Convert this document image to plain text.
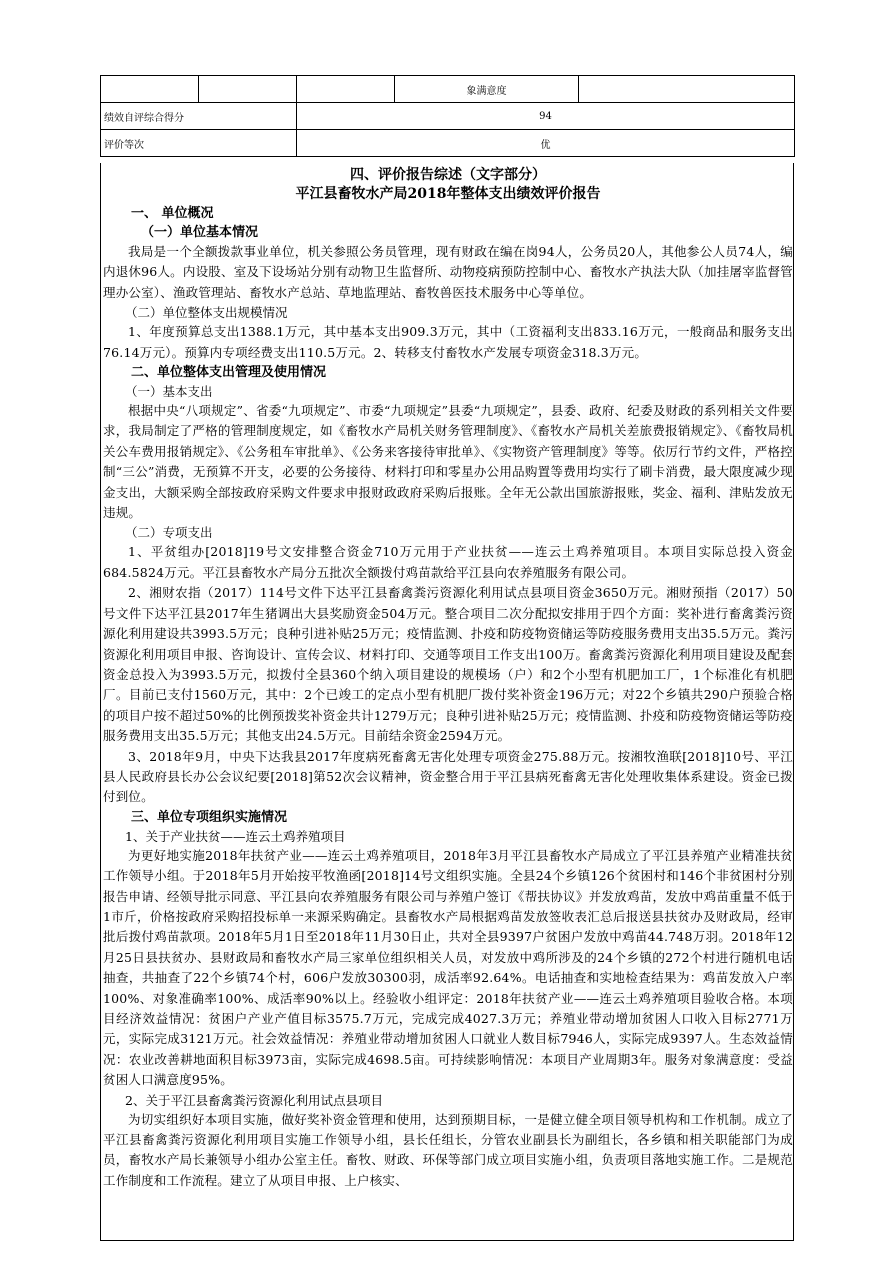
			象满意度	
绩效自评综合得分		94		
评价等次		优		

四、评价报告综述（文字部分）

平江县畜牧水产局2018年整体支出绩效评价报告

一、 单位概况

（一）单位基本情况

我局是一个全额拨款事业单位，机关参照公务员管理，现有财政在编在岗94人，公务员20人，其他参公人员74人，编内退休96人。内设股、室及下设场站分别有动物卫生监督所、动物疫病预防控制中心、畜牧水产执法大队（加挂屠宰监督管理办公室）、渔政管理站、畜牧水产总站、草地监理站、畜牧兽医技术服务中心等单位。

（二）单位整体支出规模情况

1、年度预算总支出1388.1万元，其中基本支出909.3万元，其中（工资福利支出833.16万元，一般商品和服务支出76.14万元）。预算内专项经费支出110.5万元。2、转移支付畜牧水产发展专项资金318.3万元。

二、单位整体支出管理及使用情况

（一）基本支出

根据中央“八项规定”、省委“九项规定”、市委“九项规定”县委“九项规定”，县委、政府、纪委及财政的系列相关文件要求，我局制定了严格的管理制度规定，如《畜牧水产局机关财务管理制度》、《畜牧水产局机关差旅费报销规定》、《畜牧局机关公车费用报销规定》、《公务租车审批单》、《公务来客接待审批单》、《实物资产管理制度》等等。依厉行节约文件，严格控制“三公”消费，无预算不开支，必要的公务接待、材料打印和零星办公用品购置等费用均实行了刷卡消费，最大限度减少现金支出，大额采购全部按政府采购文件要求申报财政政府采购后报账。全年无公款出国旅游报账，奖金、福利、津贴发放无违规。

（二）专项支出

1、平贫组办[2018]19号文安排整合资金710万元用于产业扶贫——连云土鸡养殖项目。本项目实际总投入资金684.5824万元。平江县畜牧水产局分五批次全额拨付鸡苗款给平江县向农养殖服务有限公司。

2、湘财农指（2017）114号文件下达平江县畜禽粪污资源化利用试点县项目资金3650万元。湘财预指（2017）50号文件下达平江县2017年生猪调出大县奖励资金504万元。整合项目二次分配拟安排用于四个方面：奖补进行畜禽粪污资源化利用建设共3993.5万元；良种引进补贴25万元；疫情监测、扑疫和防疫物资储运等防疫服务费用支出35.5万元。粪污资源化利用项目申报、咨询设计、宣传会议、材料打印、交通等项目工作支出100万。畜禽粪污资源化利用项目建设及配套资金总投入为3993.5万元，拟拨付全县360个纳入项目建设的规模场（户）和2个小型有机肥加工厂，1个标准化有机肥厂。目前已支付1560万元，其中：2个已竣工的定点小型有机肥厂拨付奖补资金196万元；对22个乡镇共290户预验合格的项目户按不超过50%的比例预拨奖补资金共计1279万元；良种引进补贴25万元；疫情监测、扑疫和防疫物资储运等防疫服务费用支出35.5万元；其他支出24.5万元。目前结余资金2594万元。

3、2018年9月，中央下达我县2017年度病死畜禽无害化处理专项资金275.88万元。按湘牧渔联[2018]10号、平江县人民政府县长办公会议纪要[2018]第52次会议精神，资金整合用于平江县病死畜禽无害化处理收集体系建设。资金已拨付到位。

三、单位专项组织实施情况

1、关于产业扶贫——连云土鸡养殖项目

为更好地实施2018年扶贫产业——连云土鸡养殖项目，2018年3月平江县畜牧水产局成立了平江县养殖产业精准扶贫工作领导小组。于2018年5月开始按平牧渔函[2018]14号文组织实施。全县24个乡镇126个贫困村和146个非贫困村分别报告申请、经领导批示同意、平江县向农养殖服务有限公司与养殖户签订《帮扶协议》并发放鸡苗，发放中鸡苗重量不低于1市斤，价格按政府采购招投标单一来源采购确定。县畜牧水产局根据鸡苗发放签收表汇总后报送县扶贫办及财政局，经审批后拨付鸡苗款项。2018年5月1日至2018年11月30日止，共对全县9397户贫困户发放中鸡苗44.748万羽。2018年12月25日县扶贫办、县财政局和畜牧水产局三家单位组织相关人员，对发放中鸡所涉及的24个乡镇的272个村进行随机电话抽查，共抽查了22个乡镇74个村，606户发放30300羽，成活率92.64%。电话抽查和实地检查结果为：鸡苗发放入户率100%、对象准确率100%、成活率90%以上。经验收小组评定：2018年扶贫产业——连云土鸡养殖项目验收合格。本项目经济效益情况：贫困户产业产值目标3575.7万元，完成完成4027.3万元；养殖业带动增加贫困人口收入目标2771万元，实际完成3121万元。社会效益情况：养殖业带动增加贫困人口就业人数目标7946人，实际完成9397人。生态效益情况：农业改善耕地面积目标3973亩，实际完成4698.5亩。可持续影响情况：本项目产业周期3年。服务对象满意度：受益贫困人口满意度95%。

2、关于平江县畜禽粪污资源化利用试点县项目

为切实组织好本项目实施，做好奖补资金管理和使用，达到预期目标，一是健立健全项目领导机构和工作机制。成立了平江县畜禽粪污资源化利用项目实施工作领导小组，县长任组长，分管农业副县长为副组长，各乡镇和相关职能部门为成员，畜牧水产局长兼领导小组办公室主任。畜牧、财政、环保等部门成立项目实施小组，负责项目落地实施工作。二是规范工作制度和工作流程。建立了从项目申报、上户核实、
